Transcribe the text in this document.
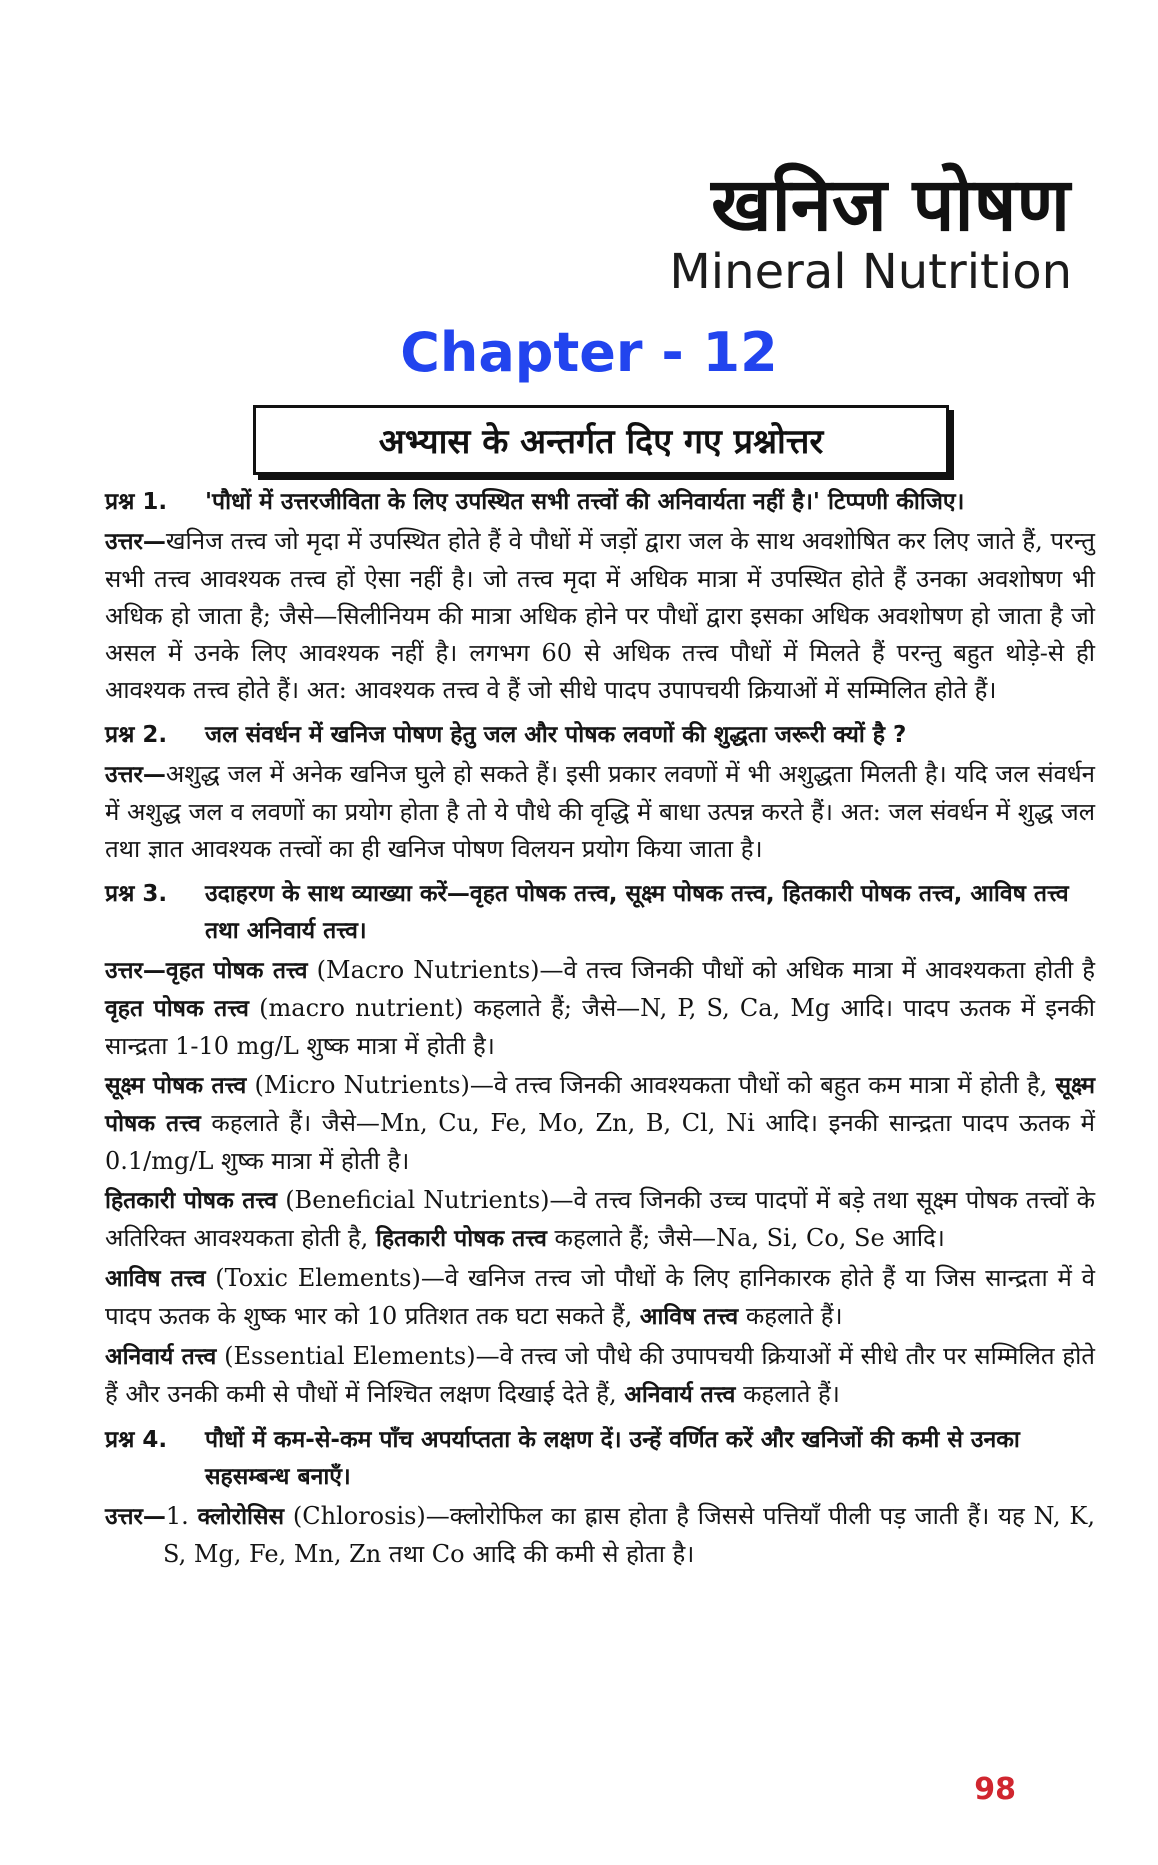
खनिज पोषण
Mineral Nutrition
Chapter - 12
अभ्यास के अन्तर्गत दिए गए प्रश्नोत्तर

प्रश्न 1. 'पौधों में उत्तरजीविता के लिए उपस्थित सभी तत्त्वों की अनिवार्यता नहीं है।' टिप्पणी कीजिए।

उत्तर—खनिज तत्त्व जो मृदा में उपस्थित होते हैं वे पौधों में जड़ों द्वारा जल के साथ अवशोषित कर लिए जाते हैं, परन्तु सभी तत्त्व आवश्यक तत्त्व हों ऐसा नहीं है। जो तत्त्व मृदा में अधिक मात्रा में उपस्थित होते हैं उनका अवशोषण भी अधिक हो जाता है; जैसे—सिलीनियम की मात्रा अधिक होने पर पौधों द्वारा इसका अधिक अवशोषण हो जाता है जो असल में उनके लिए आवश्यक नहीं है। लगभग 60 से अधिक तत्त्व पौधों में मिलते हैं परन्तु बहुत थोड़े-से ही आवश्यक तत्त्व होते हैं। अत: आवश्यक तत्त्व वे हैं जो सीधे पादप उपापचयी क्रियाओं में सम्मिलित होते हैं।

प्रश्न 2. जल संवर्धन में खनिज पोषण हेतु जल और पोषक लवणों की शुद्धता जरूरी क्यों है ?

उत्तर—अशुद्ध जल में अनेक खनिज घुले हो सकते हैं। इसी प्रकार लवणों में भी अशुद्धता मिलती है। यदि जल संवर्धन में अशुद्ध जल व लवणों का प्रयोग होता है तो ये पौधे की वृद्धि में बाधा उत्पन्न करते हैं। अत: जल संवर्धन में शुद्ध जल तथा ज्ञात आवश्यक तत्त्वों का ही खनिज पोषण विलयन प्रयोग किया जाता है।

प्रश्न 3. उदाहरण के साथ व्याख्या करें—वृहत पोषक तत्त्व, सूक्ष्म पोषक तत्त्व, हितकारी पोषक तत्त्व, आविष तत्त्व तथा अनिवार्य तत्त्व।

उत्तर—वृहत पोषक तत्त्व (Macro Nutrients)—वे तत्त्व जिनकी पौधों को अधिक मात्रा में आवश्यकता होती है वृहत पोषक तत्त्व (macro nutrient) कहलाते हैं; जैसे—N, P, S, Ca, Mg आदि। पादप ऊतक में इनकी सान्द्रता 1-10 mg/L शुष्क मात्रा में होती है।

सूक्ष्म पोषक तत्त्व (Micro Nutrients)—वे तत्त्व जिनकी आवश्यकता पौधों को बहुत कम मात्रा में होती है, सूक्ष्म पोषक तत्त्व कहलाते हैं। जैसे—Mn, Cu, Fe, Mo, Zn, B, Cl, Ni आदि। इनकी सान्द्रता पादप ऊतक में 0.1/mg/L शुष्क मात्रा में होती है।

हितकारी पोषक तत्त्व (Beneficial Nutrients)—वे तत्त्व जिनकी उच्च पादपों में बड़े तथा सूक्ष्म पोषक तत्त्वों के अतिरिक्त आवश्यकता होती है, हितकारी पोषक तत्त्व कहलाते हैं; जैसे—Na, Si, Co, Se आदि।

आविष तत्त्व (Toxic Elements)—वे खनिज तत्त्व जो पौधों के लिए हानिकारक होते हैं या जिस सान्द्रता में वे पादप ऊतक के शुष्क भार को 10 प्रतिशत तक घटा सकते हैं, आविष तत्त्व कहलाते हैं।

अनिवार्य तत्त्व (Essential Elements)—वे तत्त्व जो पौधे की उपापचयी क्रियाओं में सीधे तौर पर सम्मिलित होते हैं और उनकी कमी से पौधों में निश्चित लक्षण दिखाई देते हैं, अनिवार्य तत्त्व कहलाते हैं।

प्रश्न 4. पौधों में कम-से-कम पाँच अपर्याप्तता के लक्षण दें। उन्हें वर्णित करें और खनिजों की कमी से उनका सहसम्बन्ध बनाएँ।

उत्तर—1. क्लोरोसिस (Chlorosis)—क्लोरोफिल का ह्रास होता है जिससे पत्तियाँ पीली पड़ जाती हैं। यह N, K, S, Mg, Fe, Mn, Zn तथा Co आदि की कमी से होता है।

98
